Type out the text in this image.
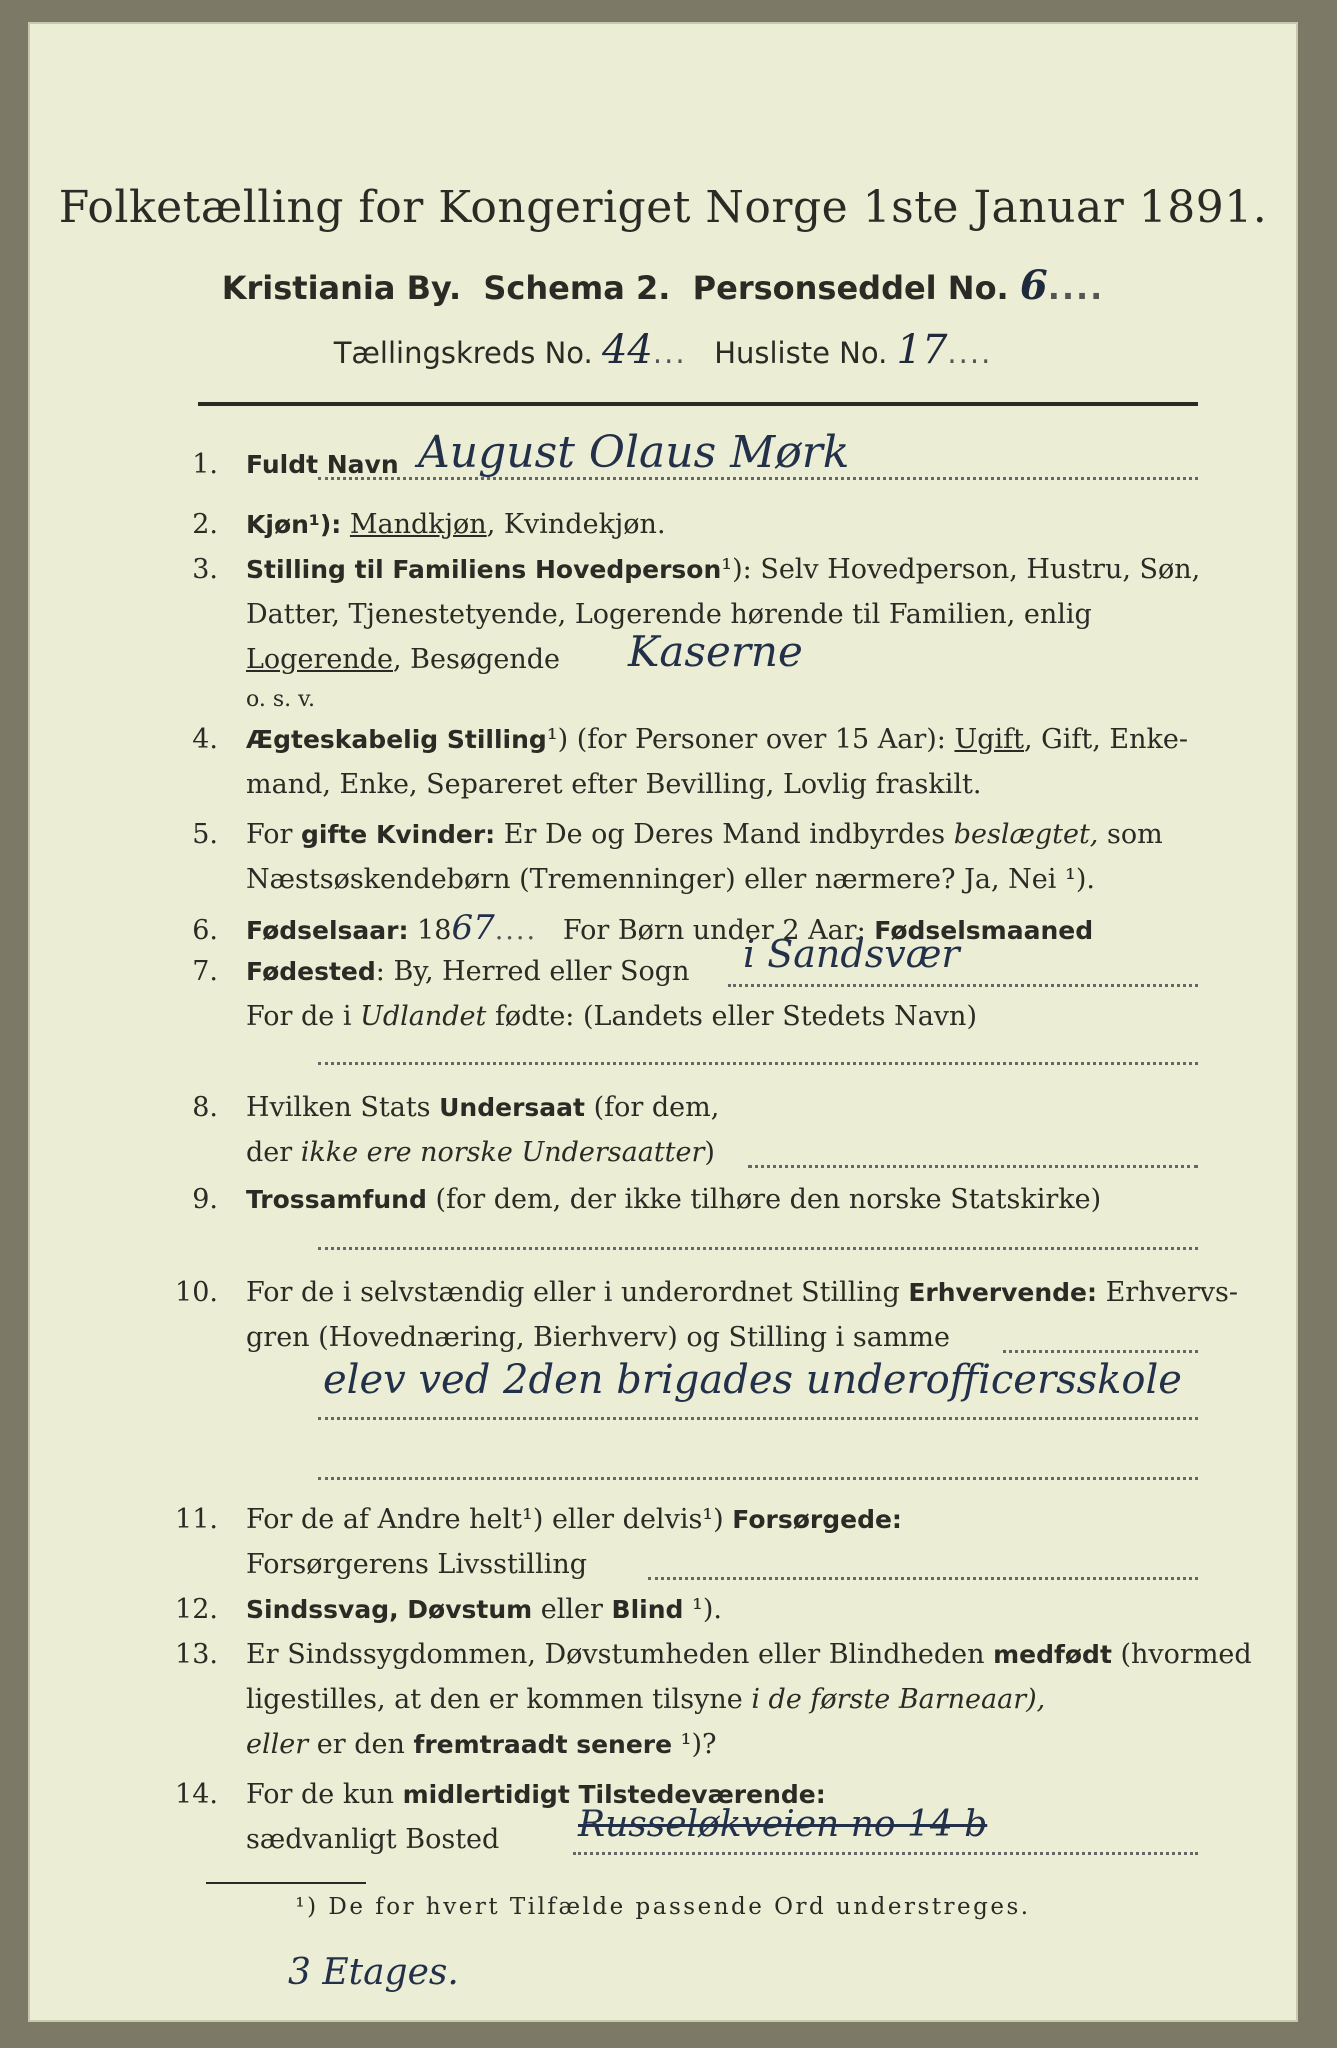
Folketælling for Kongeriget Norge 1ste Januar 1891.
Kristiania By. Schema 2. Personseddel No. 6....
Tællingskreds No. 44... Husliste No. 17....
1. Fuldt Navn August Olaus Mørk
2. Kjøn¹): Mandkjøn, Kvindekjøn.
3. Stilling til Familiens Hovedperson¹): Selv Hovedperson, Hustru, Søn,
Datter, Tjenestetyende, Logerende hørende til Familien, enlig
Logerende, Besøgende	Kaserne
o. s. v.
4. Ægteskabelig Stilling¹) (for Personer over 15 Aar): Ugift, Gift, Enke-
mand, Enke, Separeret efter Bevilling, Lovlig fraskilt.
5. For gifte Kvinder: Er De og Deres Mand indbyrdes beslægtet, som
Næstsøskendebørn (Tremenninger) eller nærmere? Ja, Nei ¹).
6. Fødselsaar: 1867.... For Børn under 2 Aar: Fødselsmaaned
7. Fødested: By, Herred eller Sogn	i Sandsvær
For de i Udlandet fødte: (Landets eller Stedets Navn)
8. Hvilken Stats Undersaat (for dem,
der ikke ere norske Undersaatter)
9. Trossamfund (for dem, der ikke tilhøre den norske Statskirke)
10. For de i selvstændig eller i underordnet Stilling Erhvervende: Erhvervs-
gren (Hovednæring, Bierhverv) og Stilling i samme
elev ved 2den brigades underofficersskole
11. For de af Andre helt¹) eller delvis¹) Forsørgede:
Forsørgerens Livsstilling
12. Sindssvag, Døvstum eller Blind ¹).
13. Er Sindssygdommen, Døvstumheden eller Blindheden medfødt (hvormed
ligestilles, at den er kommen tilsyne i de første Barneaar),
eller er den fremtraadt senere ¹)?
14. For de kun midlertidigt Tilstedeværende:
sædvanligt Bosted	Russeløkveien no 14 b
¹) De for hvert Tilfælde passende Ord understreges.
3 Etages.
